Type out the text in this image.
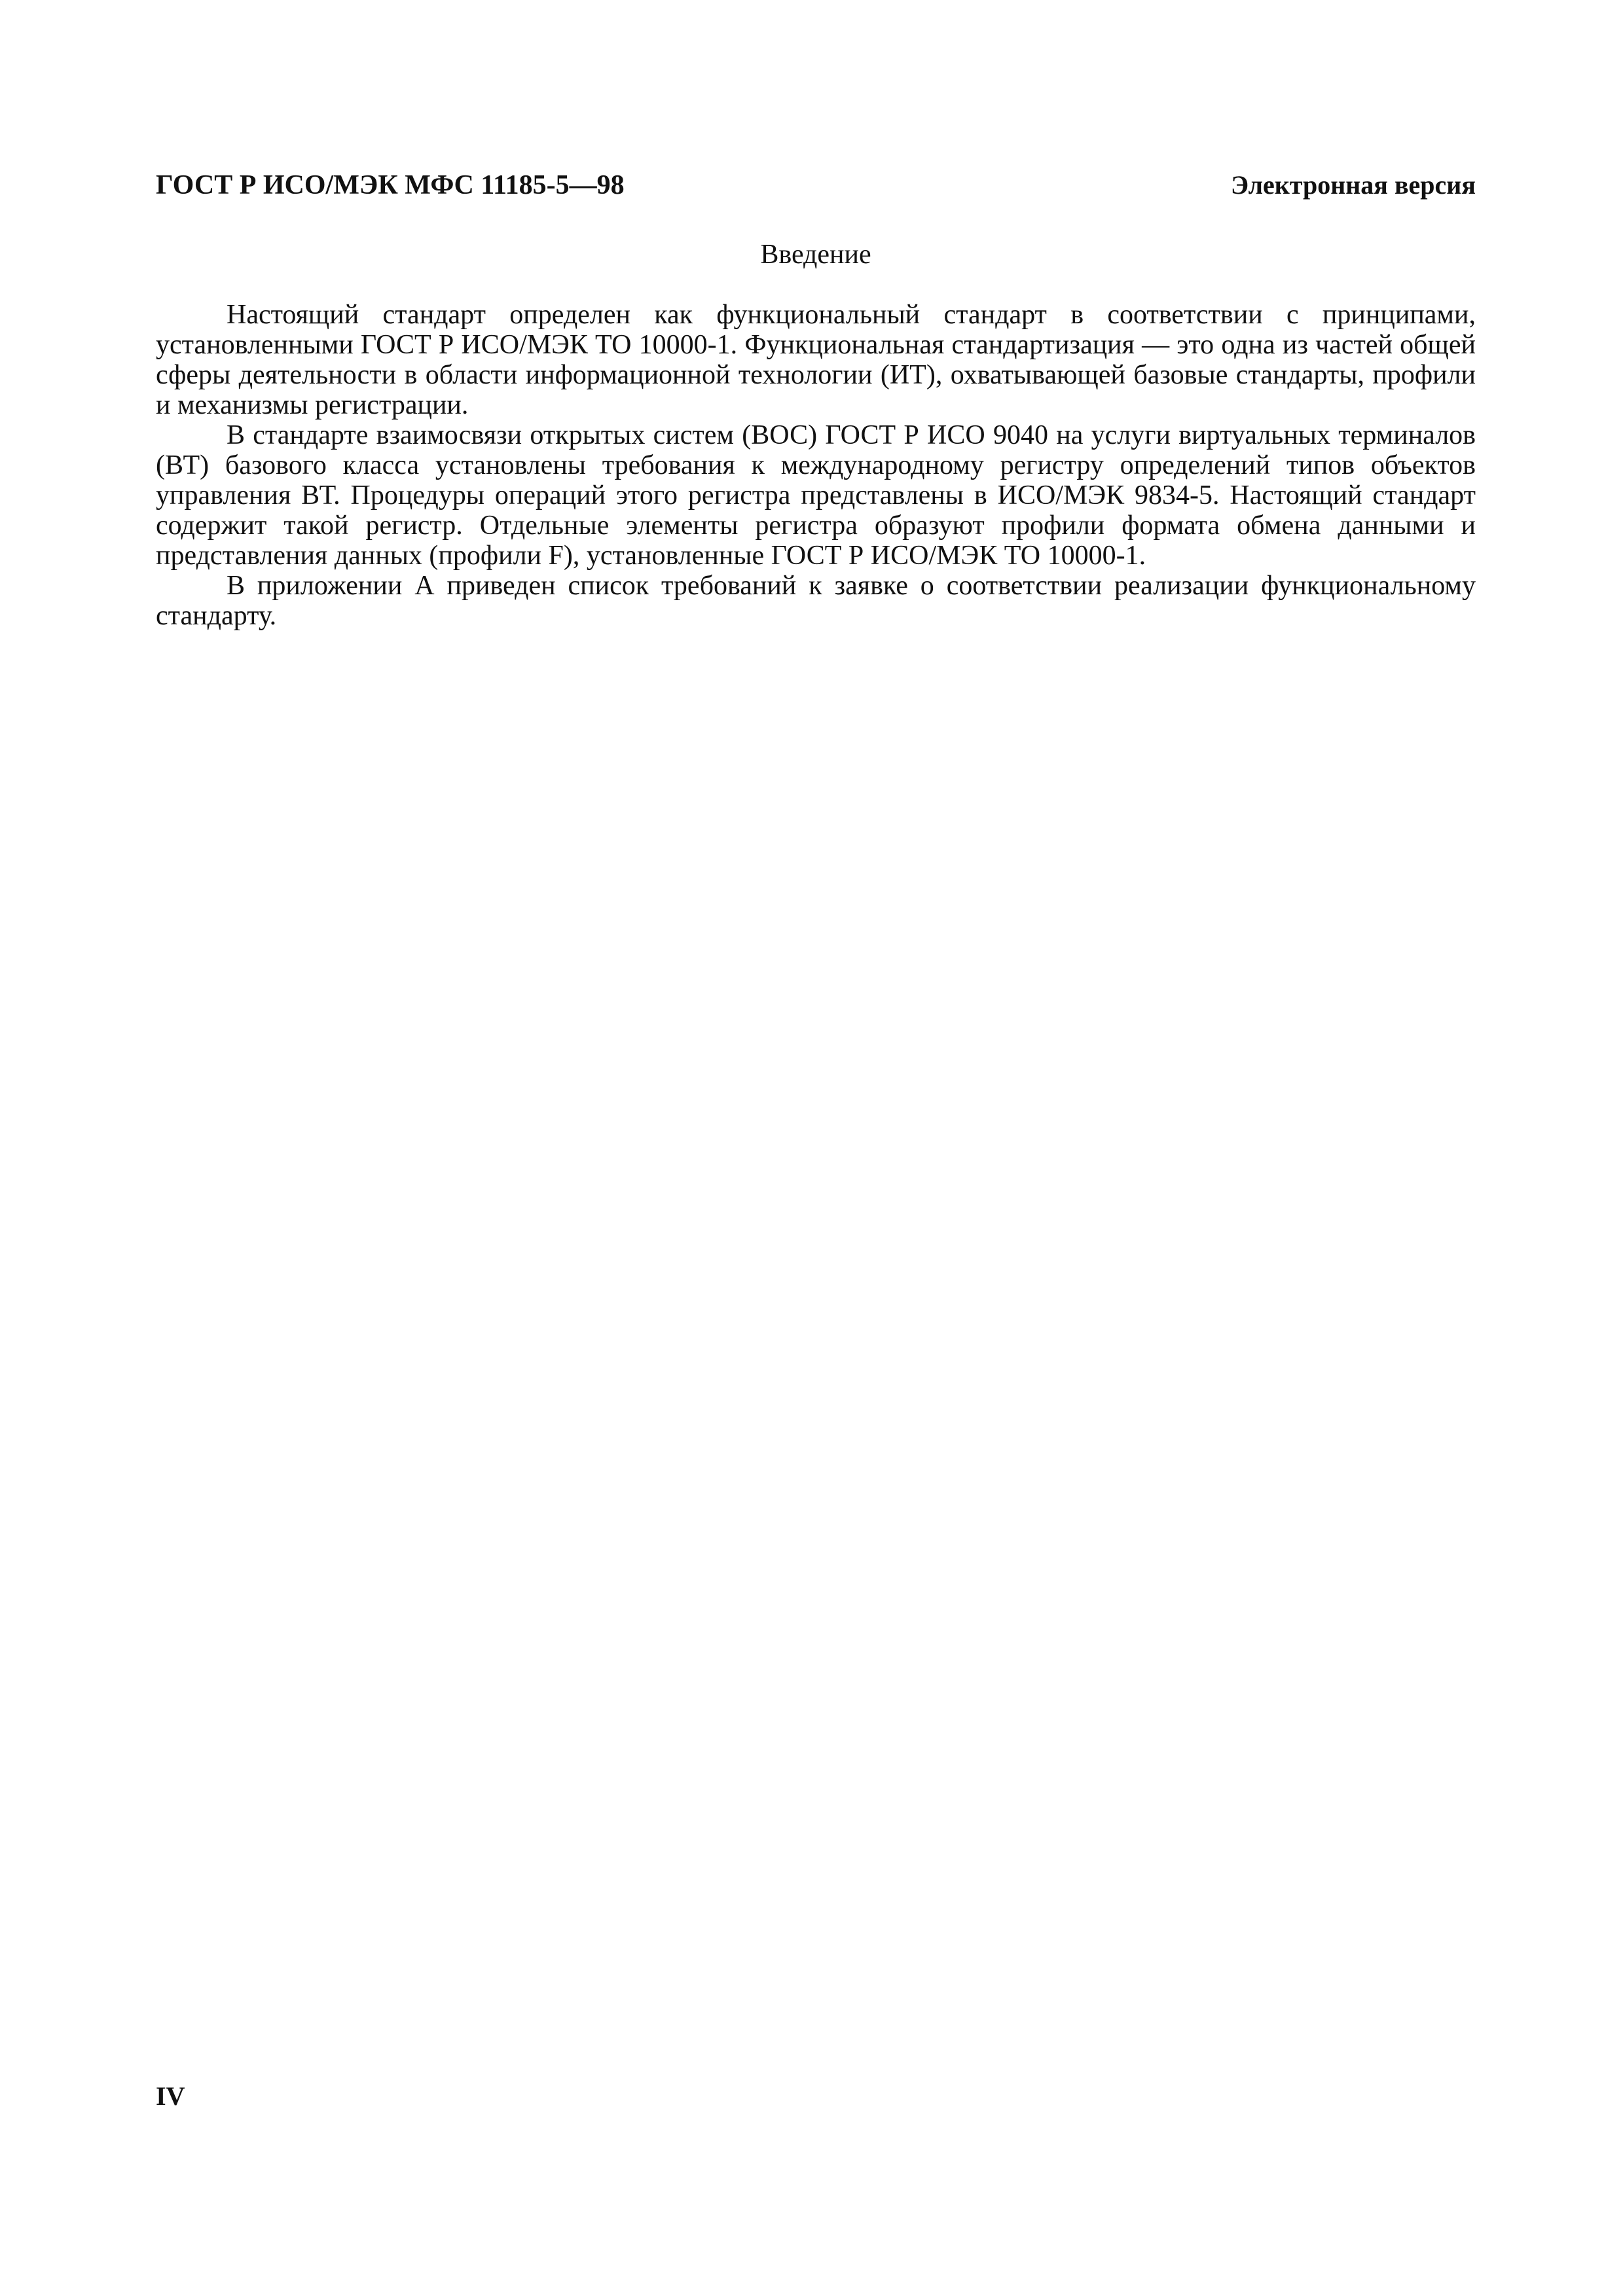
ГОСТ Р ИСО/МЭК МФС 11185-5—98	Электронная версия
Введение

Настоящий стандарт определен как функциональный стандарт в соответствии с принципами, установленными ГОСТ Р ИСО/МЭК ТО 10000-1. Функциональная стандартизация — это одна из частей общей сферы деятельности в области информационной технологии (ИТ), охватывающей базовые стандарты, профили и механизмы регистрации.

В стандарте взаимосвязи открытых систем (ВОС) ГОСТ Р ИСО 9040 на услуги виртуальных терминалов (ВТ) базового класса установлены требования к международному регистру определений типов объектов управления ВТ. Процедуры операций этого регистра представлены в ИСО/МЭК 9834-5. Настоящий стандарт содержит такой регистр. Отдельные элементы регистра образуют профили формата обмена данными и представления данных (профили F), установленные ГОСТ Р ИСО/МЭК ТО 10000-1.

В приложении А приведен список требований к заявке о соответствии реализации функциональному стандарту.

IV
